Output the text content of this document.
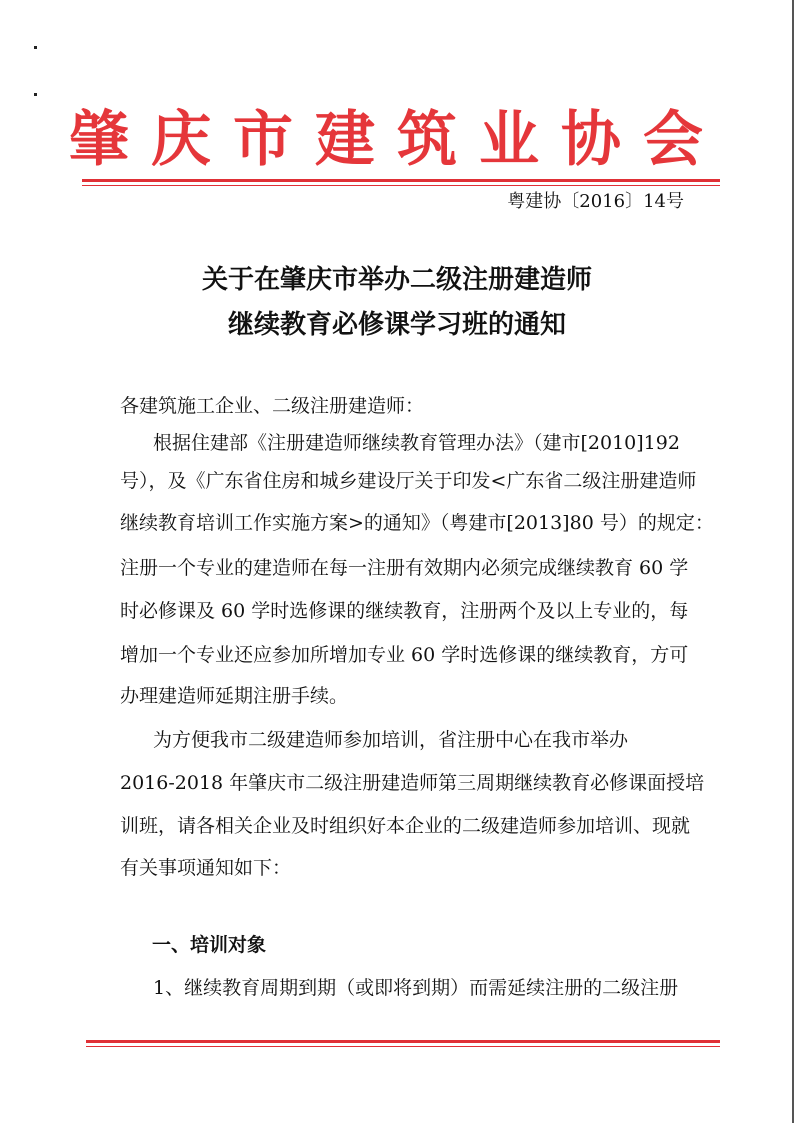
肇庆市建筑业协会
粤建协〔2016〕14号
关于在肇庆市举办二级注册建造师
继续教育必修课学习班的通知
各建筑施工企业、二级注册建造师：
根据住建部《注册建造师继续教育管理办法》（建市[2010]192
号），及《广东省住房和城乡建设厅关于印发<广东省二级注册建造师
继续教育培训工作实施方案>的通知》（粤建市[2013]80 号）的规定：
注册一个专业的建造师在每一注册有效期内必须完成继续教育 60 学
时必修课及 60 学时选修课的继续教育，注册两个及以上专业的，每
增加一个专业还应参加所增加专业 60 学时选修课的继续教育，方可
办理建造师延期注册手续。
为方便我市二级建造师参加培训，省注册中心在我市举办
2016-2018 年肇庆市二级注册建造师第三周期继续教育必修课面授培
训班，请各相关企业及时组织好本企业的二级建造师参加培训、现就
有关事项通知如下：
一、培训对象
1、继续教育周期到期（或即将到期）而需延续注册的二级注册
